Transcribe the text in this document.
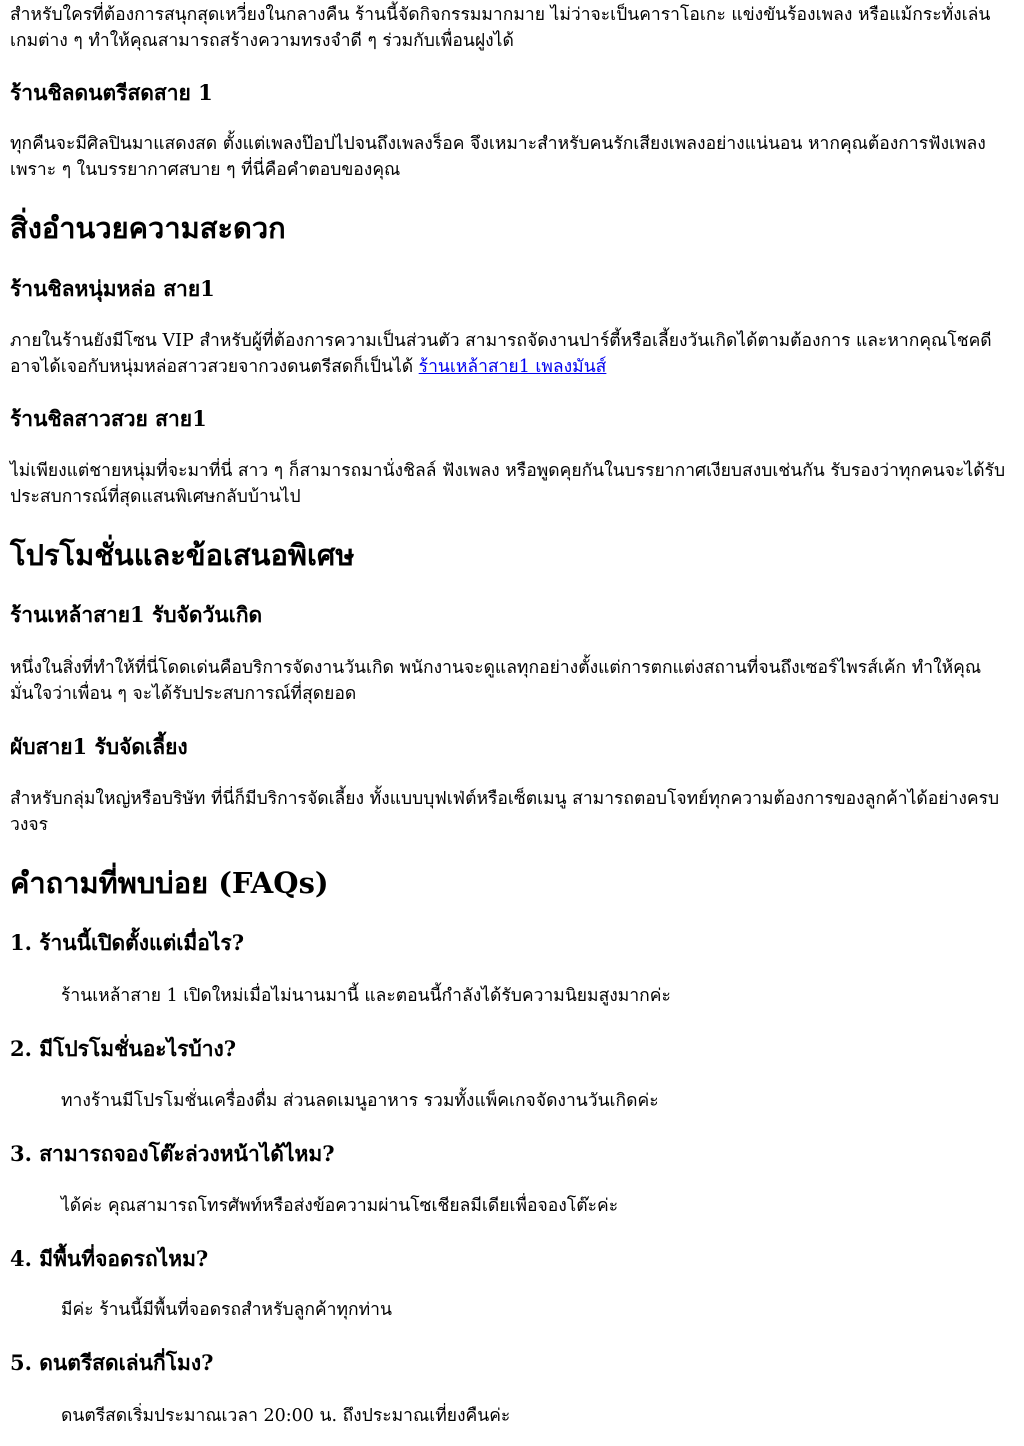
สำหรับใครที่ต้องการสนุกสุดเหวี่ยงในกลางคืน ร้านนี้จัดกิจกรรมมากมาย ไม่ว่าจะเป็นคาราโอเกะ แข่งขันร้องเพลง หรือแม้กระทั่งเล่นเกมต่าง ๆ ทำให้คุณสามารถสร้างความทรงจำดี ๆ ร่วมกับเพื่อนฝูงได้

ร้านชิลดนตรีสดสาย 1

ทุกคืนจะมีศิลปินมาแสดงสด ตั้งแต่เพลงป๊อปไปจนถึงเพลงร็อค จึงเหมาะสำหรับคนรักเสียงเพลงอย่างแน่นอน หากคุณต้องการฟังเพลงเพราะ ๆ ในบรรยากาศสบาย ๆ ที่นี่คือคำตอบของคุณ

สิ่งอำนวยความสะดวก
ร้านชิลหนุ่มหล่อ สาย1

ภายในร้านยังมีโซน VIP สำหรับผู้ที่ต้องการความเป็นส่วนตัว สามารถจัดงานปาร์ตี้หรือเลี้ยงวันเกิดได้ตามต้องการ และหากคุณโชคดี อาจได้เจอกับหนุ่มหล่อสาวสวยจากวงดนตรีสดก็เป็นได้ ร้านเหล้าสาย1 เพลงมันส์

ร้านชิลสาวสวย สาย1

ไม่เพียงแต่ชายหนุ่มที่จะมาที่นี่ สาว ๆ ก็สามารถมานั่งชิลล์ ฟังเพลง หรือพูดคุยกันในบรรยากาศเงียบสงบเช่นกัน รับรองว่าทุกคนจะได้รับประสบการณ์ที่สุดแสนพิเศษกลับบ้านไป

โปรโมชั่นและข้อเสนอพิเศษ
ร้านเหล้าสาย1 รับจัดวันเกิด

หนึ่งในสิ่งที่ทำให้ที่นี่โดดเด่นคือบริการจัดงานวันเกิด พนักงานจะดูแลทุกอย่างตั้งแต่การตกแต่งสถานที่จนถึงเซอร์ไพรส์เค้ก ทำให้คุณมั่นใจว่าเพื่อน ๆ จะได้รับประสบการณ์ที่สุดยอด

ผับสาย1 รับจัดเลี้ยง

สำหรับกลุ่มใหญ่หรือบริษัท ที่นี่ก็มีบริการจัดเลี้ยง ทั้งแบบบุฟเฟ่ต์หรือเซ็ตเมนู สามารถตอบโจทย์ทุกความต้องการของลูกค้าได้อย่างครบวงจร

คำถามที่พบบ่อย (FAQs)
1. ร้านนี้เปิดตั้งแต่เมื่อไร?

ร้านเหล้าสาย 1 เปิดใหม่เมื่อไม่นานมานี้ และตอนนี้กำลังได้รับความนิยมสูงมากค่ะ

2. มีโปรโมชั่นอะไรบ้าง?

ทางร้านมีโปรโมชั่นเครื่องดื่ม ส่วนลดเมนูอาหาร รวมทั้งแพ็คเกจจัดงานวันเกิดค่ะ

3. สามารถจองโต๊ะล่วงหน้าได้ไหม?

ได้ค่ะ คุณสามารถโทรศัพท์หรือส่งข้อความผ่านโซเชียลมีเดียเพื่อจองโต๊ะค่ะ

4. มีพื้นที่จอดรถไหม?

มีค่ะ ร้านนี้มีพื้นที่จอดรถสำหรับลูกค้าทุกท่าน

5. ดนตรีสดเล่นกี่โมง?

ดนตรีสดเริ่มประมาณเวลา 20:00 น. ถึงประมาณเที่ยงคืนค่ะ
